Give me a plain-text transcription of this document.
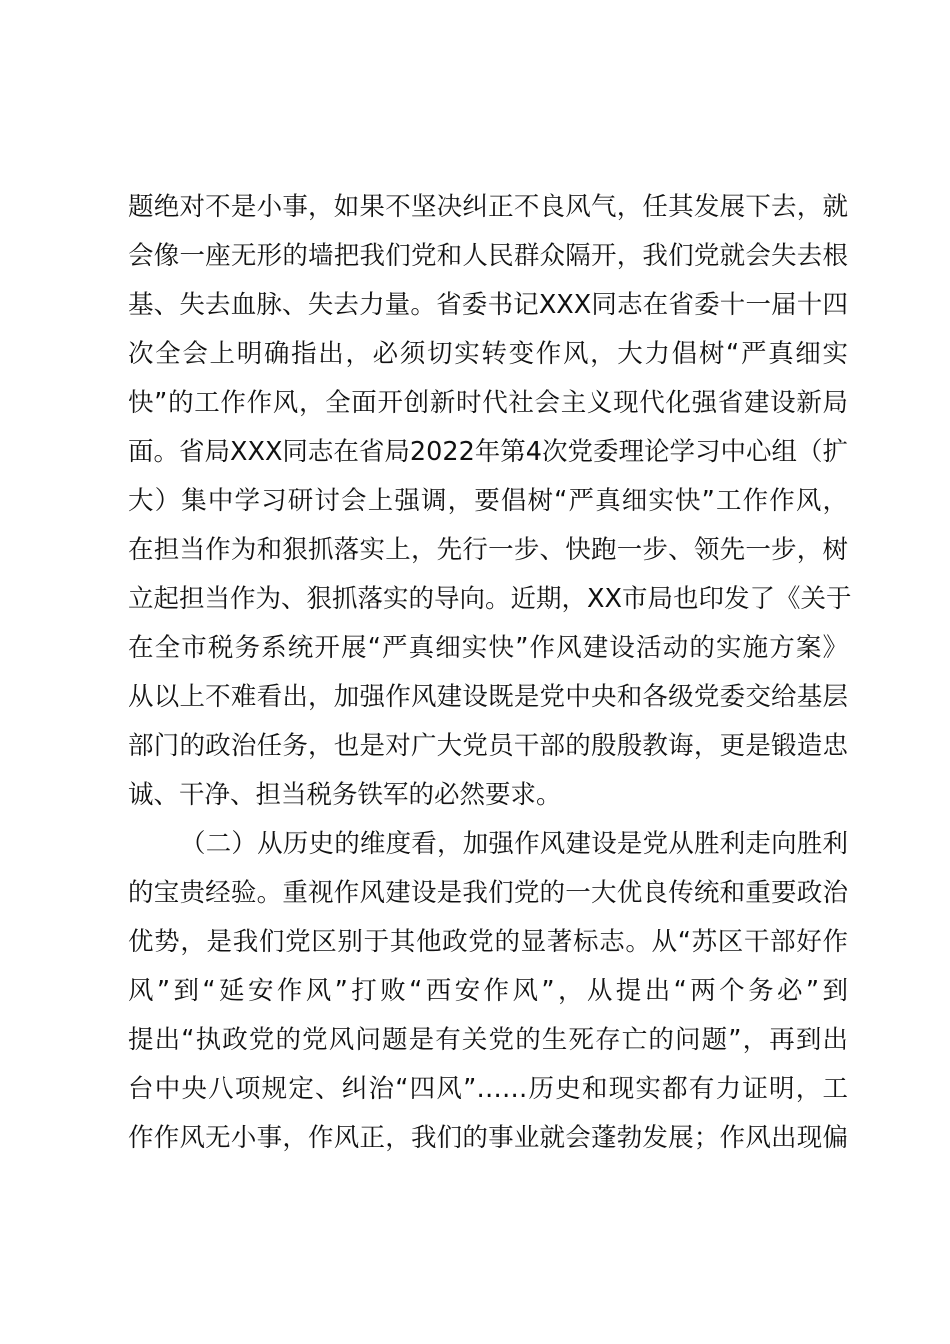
题绝对不是小事，如果不坚决纠正不良风气，任其发展下去，就
会像一座无形的墙把我们党和人民群众隔开，我们党就会失去根
基、失去血脉、失去力量。省委书记XXX同志在省委十一届十四
次全会上明确指出，必须切实转变作风，大力倡树“严真细实
快”的工作作风，全面开创新时代社会主义现代化强省建设新局
面。省局XXX同志在省局2022年第4次党委理论学习中心组（扩
大）集中学习研讨会上强调，要倡树“严真细实快”工作作风，
在担当作为和狠抓落实上，先行一步、快跑一步、领先一步，树
立起担当作为、狠抓落实的导向。近期，XX市局也印发了《关于
在全市税务系统开展“严真细实快”作风建设活动的实施方案》
从以上不难看出，加强作风建设既是党中央和各级党委交给基层
部门的政治任务，也是对广大党员干部的殷殷教诲，更是锻造忠
诚、干净、担当税务铁军的必然要求。
（二）从历史的维度看，加强作风建设是党从胜利走向胜利
的宝贵经验。重视作风建设是我们党的一大优良传统和重要政治
优势，是我们党区别于其他政党的显著标志。从“苏区干部好作
风”到“延安作风”打败“西安作风”，从提出“两个务必”到
提出“执政党的党风问题是有关党的生死存亡的问题”，再到出
台中央八项规定、纠治“四风”……历史和现实都有力证明，工
作作风无小事，作风正，我们的事业就会蓬勃发展；作风出现偏
